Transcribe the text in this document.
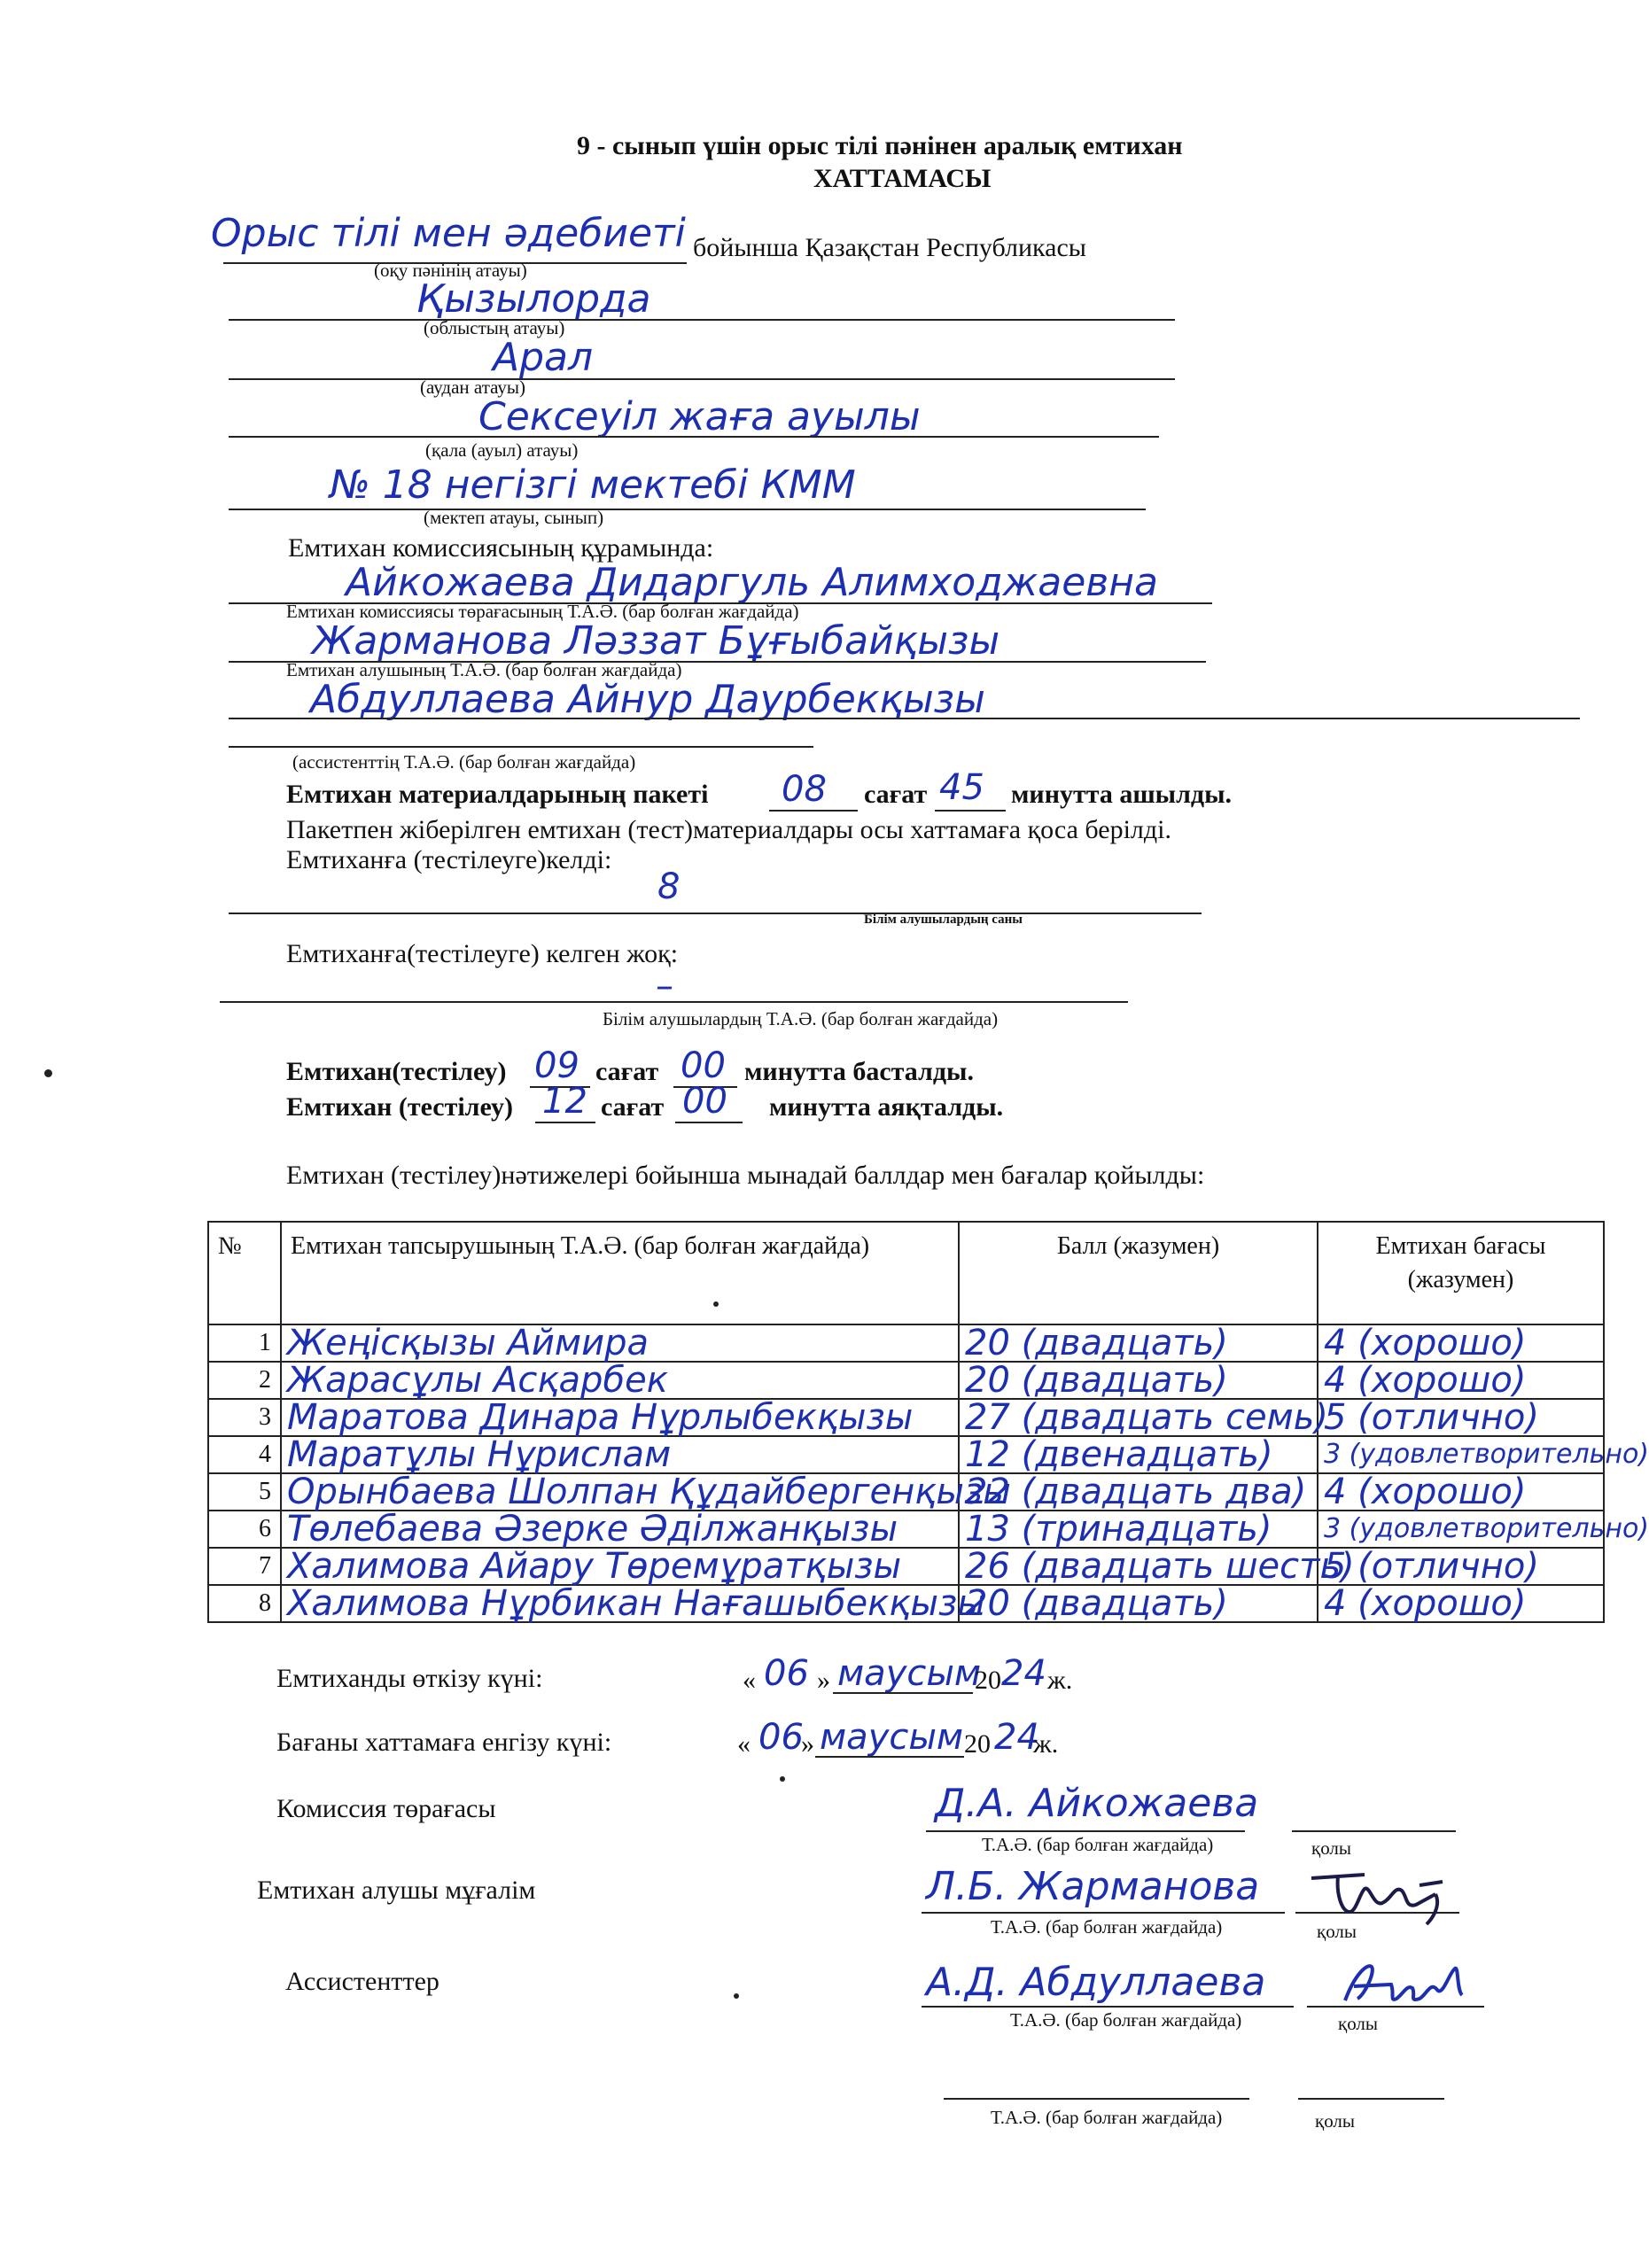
9 - сынып үшін орыс тілі пәнінен аралық емтихан
ХАТТАМАСЫ
Орыс тілі мен әдебиеті бойынша Қазақстан Республикасы
(оқу пәнінің атауы)
Қызылорда
(облыстың атауы)
Арал
(аудан атауы)
Сексеуіл жаға ауылы
(қала (ауыл) атауы)
№ 18 негізгі мектебі КММ
(мектеп атауы, сынып)
Емтихан комиссиясының құрамында:
Айкожаева Дидаргуль Алимходжаевна
Емтихан комиссиясы төрағасының Т.А.Ә. (бар болған жағдайда)
Жарманова Ләззат Бұғыбайқызы
Емтихан алушының Т.А.Ә. (бар болған жағдайда)
Абдуллаева Айнур Даурбекқызы
(ассистенттің Т.А.Ә. (бар болған жағдайда)
Емтихан материалдарының пакеті 08 сағат 45 минутта ашылды.
Пакетпен жіберілген емтихан (тест)материалдары осы хаттамаға қоса берілді.
Емтиханға (тестілеуге)келді:
8
Білім алушылардың саны
Емтиханға(тестілеуге) келген жоқ:
–
Білім алушылардың Т.А.Ә. (бар болған жағдайда)
Емтихан(тестілеу) 09 сағат 00 минутта басталды.
Емтихан (тестілеу) 12 сағат 00 минутта аяқталды.
Емтихан (тестілеу)нәтижелері бойынша мынадай баллдар мен бағалар қойылды:
№	Емтихан тапсырушының Т.А.Ә. (бар болған жағдайда)	Балл (жазумен)	Емтихан бағасы (жазумен)
1	Жеңісқызы Аймира	20 (двадцать)	4 (хорошо)

2	Жарасұлы Асқарбек	20 (двадцать)	4 (хорошо)

3	Маратова Динара Нұрлыбекқызы	27 (двадцать семь)	5 (отлично)

4	Маратұлы Нұрислам	12 (двенадцать)	3 (удовлетворительно)

5	Орынбаева Шолпан Құдайбергенқызы	22 (двадцать два)	4 (хорошо)

6	Төлебаева Әзерке Әділжанқызы	13 (тринадцать)	3 (удовлетворительно)

7	Халимова Айару Төремұратқызы	26 (двадцать шесть)	5 (отлично)

8	Халимова Нұрбикан Нағашыбекқызы	20 (двадцать)	4 (хорошо)
Емтиханды өткізу күні:	« 06 » маусым
20 24 ж.
Бағаны хаттамаға енгізу күні:	« 06
» маусым 20 24
ж.
Комиссия төрағасы	Д.А. Айкожаева
Т.А.Ә. (бар болған жағдайда)	қолы
Емтихан алушы мұғалім	Л.Б. Жарманова
Т.А.Ә. (бар болған жағдайда)	қолы
Ассистенттер	А.Д. Абдуллаева
Т.А.Ә. (бар болған жағдайда)	қолы
Т.А.Ә. (бар болған жағдайда)	қолы
